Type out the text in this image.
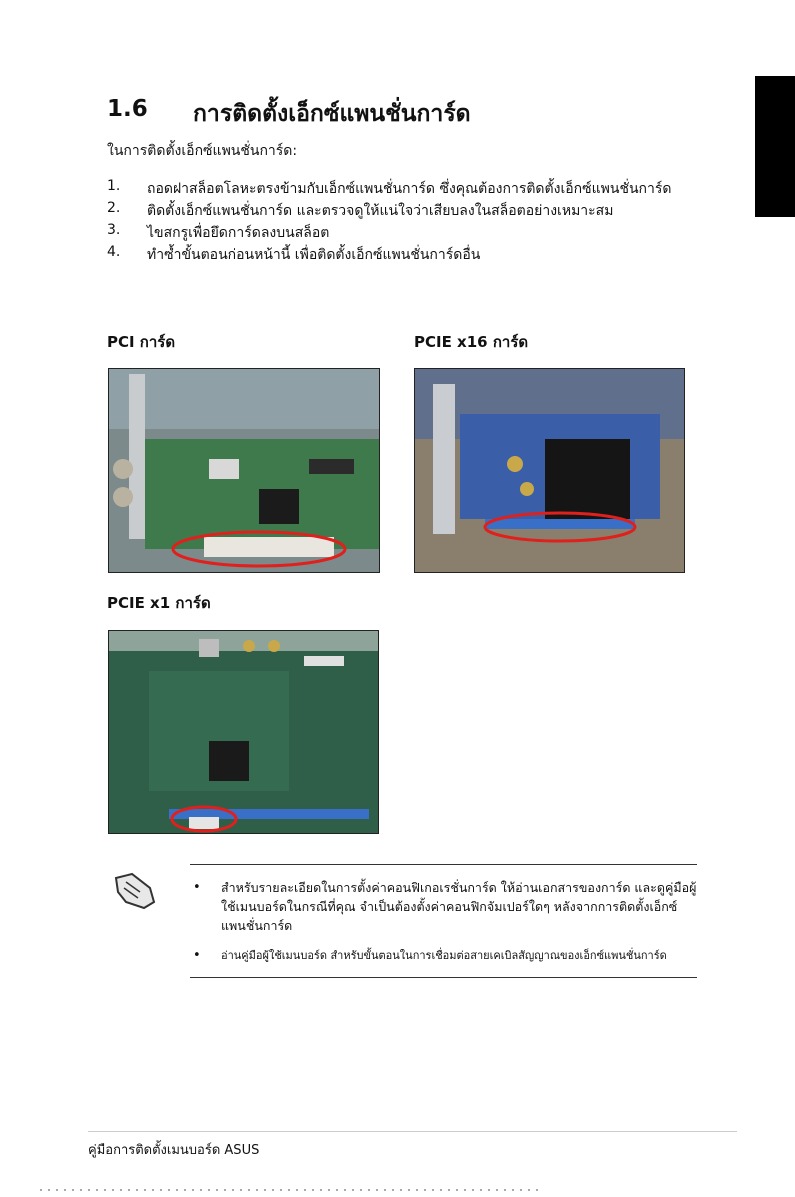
1.6 การติดตั้งเอ็กซ์แพนชั่นการ์ด
ในการติดตั้งเอ็กซ์แพนชั่นการ์ด:
1. ถอดฝาสล็อตโลหะตรงข้ามกับเอ็กซ์แพนชั่นการ์ด ซึ่งคุณต้องการติดตั้งเอ็กซ์แพนชั่นการ์ด
2. ติดตั้งเอ็กซ์แพนชั่นการ์ด และตรวจดูให้แน่ใจว่าเสียบลงในสล็อตอย่างเหมาะสม
3. ไขสกรูเพื่อยึดการ์ดลงบนสล็อต
4. ทำซ้ำขั้นตอนก่อนหน้านี้ เพื่อติดตั้งเอ็กซ์แพนชั่นการ์ดอื่น
PCI การ์ด	PCIE x16 การ์ด
PCIE x1 การ์ด
• สำหรับรายละเอียดในการตั้งค่าคอนฟิเกอเรชั่นการ์ด ให้อ่านเอกสารของการ์ด และดูคู่มือผู้ใช้เมนบอร์ดในกรณีที่คุณ จำเป็นต้องตั้งค่าคอนฟิกจัมเปอร์ใดๆ หลังจากการติดตั้งเอ็กซ์แพนชั่นการ์ด
• อ่านคู่มือผู้ใช้เมนบอร์ด สำหรับขั้นตอนในการเชื่อมต่อสายเคเบิลสัญญาณของเอ็กซ์แพนชั่นการ์ด
คู่มือการติดตั้งเมนบอร์ด ASUS
